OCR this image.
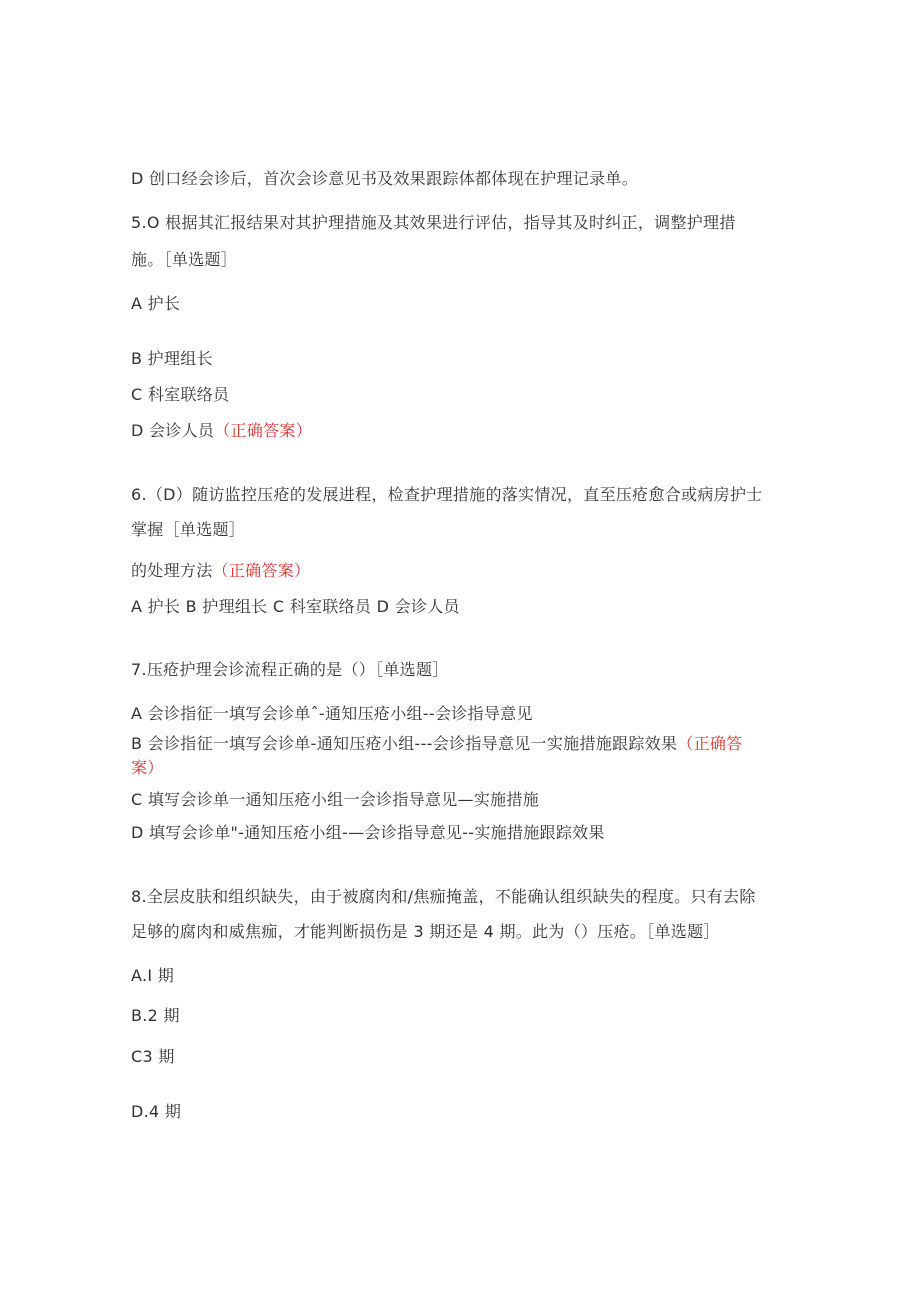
D 创口经会诊后，首次会诊意见书及效果跟踪体都体现在护理记录单。
5.O 根据其汇报结果对其护理措施及其效果进行评估，指导其及时纠正，调整护理措
施。［单选题］
A 护长
B 护理组长
C 科室联络员
D 会诊人员（正确答案）
6.（D）随访监控压疮的发展进程，检查护理措施的落实情况，直至压疮愈合或病房护士
掌握［单选题］
的处理方法（正确答案）
A 护长 B 护理组长 C 科室联络员 D 会诊人员
7.压疮护理会诊流程正确的是（）［单选题］
A 会诊指征一填写会诊单ˆ-通知压疮小组--会诊指导意见
B 会诊指征一填写会诊单-通知压疮小组---会诊指导意见一实施措施跟踪效果（正确答
案）
C 填写会诊单一通知压疮小组一会诊指导意见—实施措施
D 填写会诊单"-通知压疮小组-—会诊指导意见--实施措施跟踪效果
8.全层皮肤和组织缺失，由于被腐肉和/焦痂掩盖，不能确认组织缺失的程度。只有去除
足够的腐肉和威焦痂，才能判断损伤是 3 期还是 4 期。此为（）压疮。［单选题］
A.I 期
B.2 期
C3 期
D.4 期
